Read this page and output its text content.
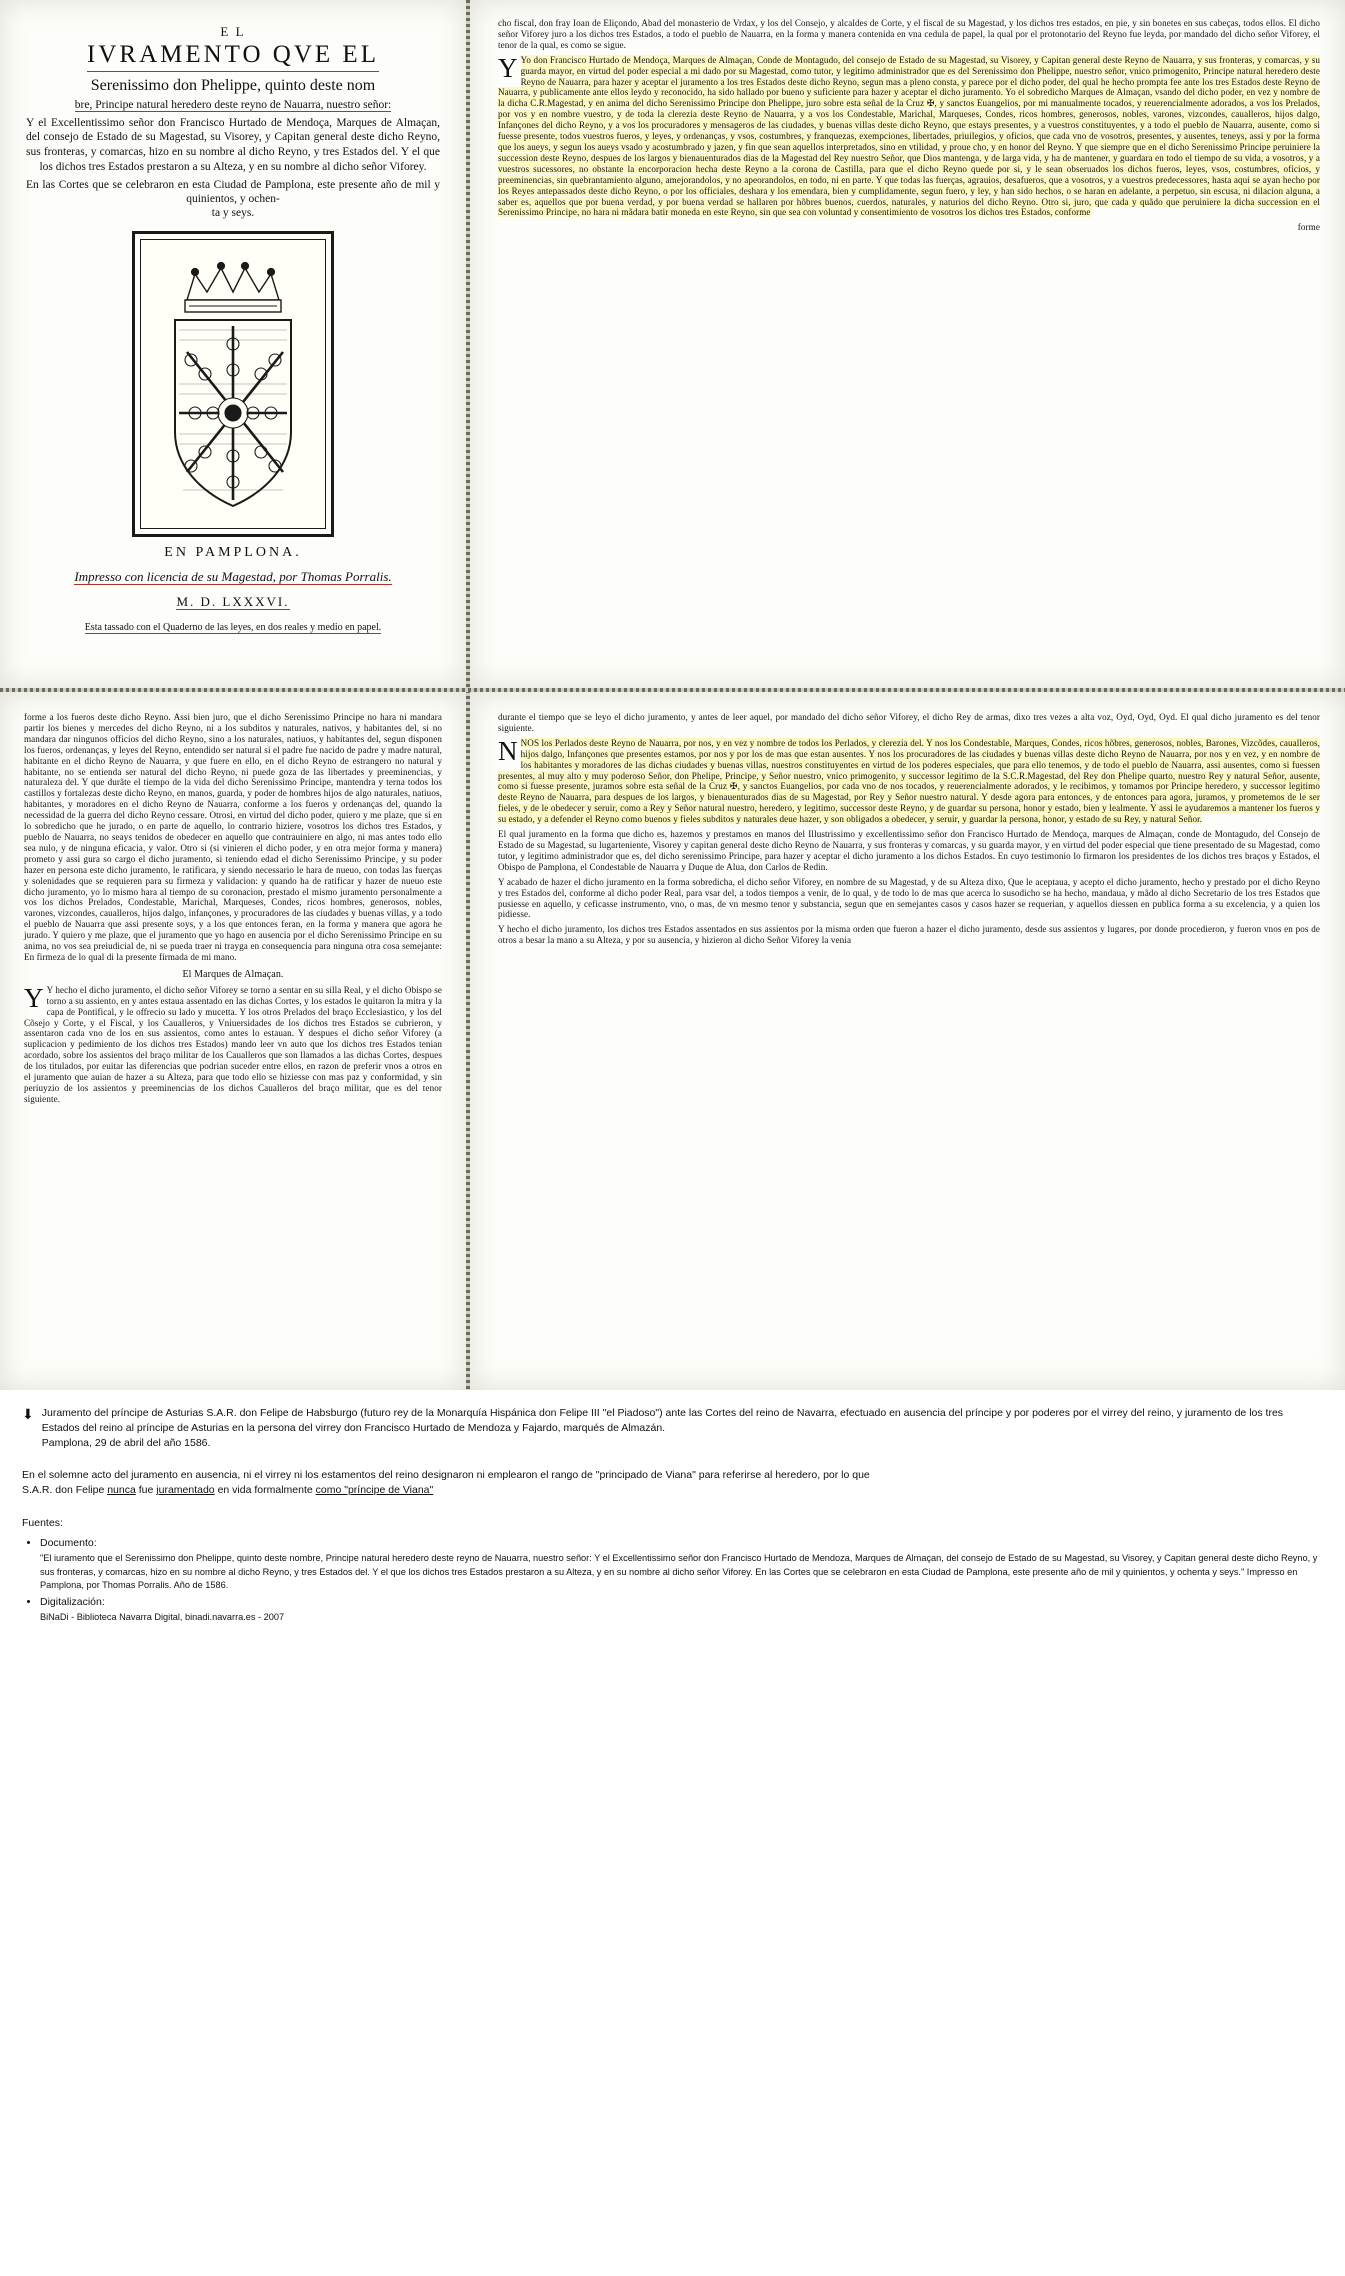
E L
IVRAMENTO QVE EL
Serenissimo don Phelippe, quinto deste nom
bre, Principe natural heredero deste reyno de Nauarra, nuestro señor:
Y el Excellentissimo señor don Francisco Hurtado de Mendoça, Marques de Almaçan, del consejo de Estado de su Magestad, su Visorey, y Capitan general deste dicho Reyno, sus fronteras, y comarcas, hizo en su nombre al dicho Reyno, y tres Estados del. Y el que los dichos tres Estados prestaron a su Alteza, y en su nombre al dicho señor Viforey.
En las Cortes que se celebraron en esta Ciudad de Pamplona, este presente año de mil y quinientos, y ochen-
ta y seys.
EN PAMPLONA.
Impresso con licencia de su Magestad, por Thomas Porralis.
M. D. LXXXVI.
Esta tassado con el Quaderno de las leyes, en dos reales y medio en papel.

cho fiscal, don fray Ioan de Eliçondo, Abad del monasterio de Vrdax, y los del Consejo, y alcaldes de Corte, y el fiscal de su Magestad, y los dichos tres estados, en pie, y sin bonetes en sus cabeças, todos ellos. El dicho señor Viforey juro a los dichos tres Estados, a todo el pueblo de Nauarra, en la forma y manera contenida en vna cedula de papel, la qual por el protonotario del Reyno fue leyda, por mandado del dicho señor Viforey, el tenor de la qual, es como se sigue.

Y Yo don Francisco Hurtado de Mendoça, Marques de Almaçan, Conde de Montagudo, del consejo de Estado de su Magestad, su Visorey, y Capitan general deste Reyno de Nauarra, y sus fronteras, y comarcas, y su guarda mayor, en virtud del poder especial a mi dado por su Magestad, como tutor, y legitimo administrador que es del Serenissimo don Phelippe, nuestro señor, vnico primogenito, Principe natural heredero deste Reyno de Nauarra, para hazer y aceptar el juramento a los tres Estados deste dicho Reyno, segun mas a pleno consta, y parece por el dicho poder, del qual he hecho prompta fee ante los tres Estados deste Reyno de Nauarra, y publicamente ante ellos leydo y reconocido, ha sido hallado por bueno y suficiente para hazer y aceptar el dicho juramento. Yo el sobredicho Marques de Almaçan, vsando del dicho poder, en vez y nombre de la dicha C.R.Magestad, y en anima del dicho Serenissimo Principe don Phelippe, juro sobre esta señal de la Cruz ✠, y sanctos Euangelios, por mi manualmente tocados, y reuerencialmente adorados, a vos los Prelados, por vos y en nombre vuestro, y de toda la clerezia deste Reyno de Nauarra, y a vos los Condestable, Marichal, Marqueses, Condes, ricos hombres, generosos, nobles, varones, vizcondes, caualleros, hijos dalgo, Infançones del dicho Reyno, y a vos los procuradores y mensageros de las ciudades, y buenas villas deste dicho Reyno, que estays presentes, y a vuestros constituyentes, y a todo el pueblo de Nauarra, ausente, como si fuesse presente, todos vuestros fueros, y leyes, y ordenanças, y vsos, costumbres, y franquezas, exempciones, libertades, priuilegios, y oficios, que cada vno de vosotros, presentes, y ausentes, teneys, assi y por la forma que los aueys, y segun los aueys vsado y acostumbrado y jazen, y fin que sean aquellos interpretados, sino en vtilidad, y proue cho, y en honor del Reyno. Y que siempre que en el dicho Serenissimo Principe peruiniere la succession deste Reyno, despues de los largos y bienauenturados dias de la Magestad del Rey nuestro Señor, que Dios mantenga, y de larga vida, y ha de mantener, y guardara en todo el tiempo de su vida, a vosotros, y a vuestros sucessores, no obstante la encorporacion hecha deste Reyno a la corona de Castilla, para que el dicho Reyno quede por si, y le sean obseruados los dichos fueros, leyes, vsos, costumbres, oficios, y preeminencias, sin quebrantamiento alguno, amejorandolos, y no apeorandolos, en todo, ni en parte. Y que todas las fuerças, agrauios, desafueros, que a vosotros, y a vuestros predecessores, hasta aqui se ayan hecho por los Reyes antepassados deste dicho Reyno, o por los officiales, deshara y los emendara, bien y cumplidamente, segun fuero, y ley, y han sido hechos, o se haran en adelante, a perpetuo, sin escusa, ni dilacion alguna, a saber es, aquellos que por buena verdad, y por buena verdad se hallaren por hõbres buenos, cuerdos, naturales, y naturios del dicho Reyno. Otro si, juro, que cada y quãdo que peruiniere la dicha succession en el Serenissimo Principe, no hara ni mãdara batir moneda en este Reyno, sin que sea con voluntad y consentimiento de vosotros los dichos tres Estados, conforme

forme

forme a los fueros deste dicho Reyno. Assi bien juro, que el dicho Serenissimo Principe no hara ni mandara partir los bienes y mercedes del dicho Reyno, ni a los subditos y naturales, nativos, y habitantes del, si no mandara dar ningunos officios del dicho Reyno, sino a los naturales, natiuos, y habitantes del, segun disponen los fueros, ordenanças, y leyes del Reyno, entendido ser natural si el padre fue nacido de padre y madre natural, habitante en el dicho Reyno de Nauarra, y que fuere en ello, en el dicho Reyno de estrangero no natural y habitante, no se entienda ser natural del dicho Reyno, ni puede goza de las libertades y preeminencias, y naturaleza del. Y que durãte el tiempo de la vida del dicho Serenissimo Principe, mantendra y terna todos los castillos y fortalezas deste dicho Reyno, en manos, guarda, y poder de hombres hijos de algo naturales, natiuos, habitantes, y moradores en el dicho Reyno de Nauarra, conforme a los fueros y ordenanças del, quando la necessidad de la guerra del dicho Reyno cessare. Otrosi, en virtud del dicho poder, quiero y me plaze, que si en lo sobredicho que he jurado, o en parte de aquello, lo contrario hiziere, vosotros los dichos tres Estados, y pueblo de Nauarra, no seays tenidos de obedecer en aquello que contrauiniere en algo, ni mas antes todo ello sea nulo, y de ninguna eficacia, y valor. Otro si (si vinieren el dicho poder, y en otra mejor forma y manera) prometo y assi gura so cargo el dicho juramento, si teniendo edad el dicho Serenissimo Principe, y su poder hazer en persona este dicho juramento, le ratificara, y siendo necessario le hara de nueuo, con todas las fuerças y solenidades que se requieren para su firmeza y validacion: y quando ha de ratificar y hazer de nueuo este dicho juramento, yo lo mismo hara al tiempo de su coronacion, prestado el mismo juramento personalmente a vos los dichos Prelados, Condestable, Marichal, Marqueses, Condes, ricos hombres, generosos, nobles, varones, vizcondes, caualleros, hijos dalgo, infançones, y procuradores de las ciudades y buenas villas, y a todo el pueblo de Nauarra que assi presente soys, y a los que entonces feran, en la forma y manera que agora he jurado. Y quiero y me plaze, que el juramento que yo hago en ausencia por el dicho Serenissimo Principe en su anima, no vos sea preiudicial de, ni se pueda traer ni trayga en consequencia para ninguna otra cosa semejante: En firmeza de lo qual di la presente firmada de mi mano.

El Marques de Almaçan.

Y Y hecho el dicho juramento, el dicho señor Viforey se torno a sentar en su silla Real, y el dicho Obispo se torno a su assiento, en y antes estaua assentado en las dichas Cortes, y los estados le quitaron la mitra y la capa de Pontifical, y le offrecio su lado y mucetta. Y los otros Prelados del braço Ecclesiastico, y los del Cõsejo y Corte, y el Fiscal, y los Caualleros, y Vniuersidades de los dichos tres Estados se cubrieron, y assentaron cada vno de los en sus assientos, como antes lo estauan. Y despues el dicho señor Viforey (a suplicacion y pedimiento de los dichos tres Estados) mando leer vn auto que los dichos tres Estados tenian acordado, sobre los assientos del braço militar de los Caualleros que son llamados a las dichas Cortes, despues de los titulados, por euitar las diferencias que podrian suceder entre ellos, en razon de preferir vnos a otros en el juramento que auian de hazer a su Alteza, para que todo ello se hiziesse con mas paz y conformidad, y sin periuyzio de los assientos y preeminencias de los dichos Caualleros del braço militar, que es del tenor siguiente.

durante el tiempo que se leyo el dicho juramento, y antes de leer aquel, por mandado del dicho señor Viforey, el dicho Rey de armas, dixo tres vezes a alta voz, Oyd, Oyd, Oyd. El qual dicho juramento es del tenor siguiente.

NNOS los Perlados deste Reyno de Nauarra, por nos, y en vez y nombre de todos los Perlados, y clerezia del. Y nos los Condestable, Marques, Condes, ricos hõbres, generosos, nobles, Barones, Vizcõdes, caualleros, hijos dalgo, Infançones que presentes estamos, por nos y por los de mas que estan ausentes. Y nos los procuradores de las ciudades y buenas villas deste dicho Reyno de Nauarra, por nos y en vez, y en nombre de los habitantes y moradores de las dichas ciudades y buenas villas, nuestros constituyentes en virtud de los poderes especiales, que para ello tenemos, y de todo el pueblo de Nauarra, assi ausentes, como si fuessen presentes, al muy alto y muy poderoso Señor, don Phelipe, Principe, y Señor nuestro, vnico primogenito, y successor legitimo de la S.C.R.Magestad, del Rey don Phelipe quarto, nuestro Rey y natural Señor, ausente, como si fuesse presente, juramos sobre esta señal de la Cruz ✠, y sanctos Euangelios, por cada vno de nos tocados, y reuerencialmente adorados, y le recibimos, y tomamos por Principe heredero, y successor legitimo deste Reyno de Nauarra, para despues de los largos, y bienauenturados dias de su Magestad, por Rey y Señor nuestro natural. Y desde agora para entonces, y de entonces para agora, juramos, y prometemos de le ser fieles, y de le obedecer y seruir, como a Rey y Señor natural nuestro, heredero, y legitimo, successor deste Reyno, y de guardar su persona, honor y estado, bien y lealmente. Y assi le ayudaremos a mantener los fueros y su estado, y a defender el Reyno como buenos y fieles subditos y naturales deue hazer, y son obligados a obedecer, y seruir, y guardar la persona, honor, y estado de su Rey, y natural Señor.

El qual juramento en la forma que dicho es, hazemos y prestamos en manos del Illustrissimo y excellentissimo señor don Francisco Hurtado de Mendoça, marques de Almaçan, conde de Montagudo, del Consejo de Estado de su Magestad, su lugarteniente, Visorey y capitan general deste dicho Reyno de Nauarra, y sus fronteras y comarcas, y su guarda mayor, y en virtud del poder especial que tiene presentado de su Magestad, como tutor, y legitimo administrador que es, del dicho serenissimo Principe, para hazer y aceptar el dicho juramento a los dichos Estados. En cuyo testimonio lo firmaron los presidentes de los dichos tres braços y Estados, el Obispo de Pamplona, el Condestable de Nauarra y Duque de Alua, don Carlos de Redin.

Y acabado de hazer el dicho juramento en la forma sobredicha, el dicho señor Viforey, en nombre de su Magestad, y de su Alteza dixo, Que le aceptaua, y acepto el dicho juramento, hecho y prestado por el dicho Reyno y tres Estados del, conforme al dicho poder Real, para vsar del, a todos tiempos a venir, de lo qual, y de todo lo de mas que acerca lo susodicho se ha hecho, mandaua, y mãdo al dicho Secretario de los tres Estados que pusiesse en aquello, y ceficasse instrumento, vno, o mas, de vn mesmo tenor y substancia, segun que en semejantes casos y casos hazer se requerian, y aquellos diessen en publica forma a su excelencia, y a quien los pidiesse.

Y hecho el dicho juramento, los dichos tres Estados assentados en sus assientos por la misma orden que fueron a hazer el dicho juramento, desde sus assientos y lugares, por donde procedieron, y fueron vnos en pos de otros a besar la mano a su Alteza, y por su ausencia, y hizieron al dicho Señor Viforey la venia

⬇ Juramento del príncipe de Asturias S.A.R. don Felipe de Habsburgo (futuro rey de la Monarquía Hispánica don Felipe III "el Piadoso") ante las Cortes del reino de Navarra, efectuado en ausencia del príncipe y por poderes por el virrey del reino, y juramento de los tres Estados del reino al príncipe de Asturias en la persona del virrey don Francisco Hurtado de Mendoza y Fajardo, marqués de Almazán.
Pamplona, 29 de abril del año 1586.
En el solemne acto del juramento en ausencia, ni el virrey ni los estamentos del reino designaron ni emplearon el rango de "principado de Viana" para referirse al heredero, por lo que
S.A.R. don Felipe nunca fue juramentado en vida formalmente como "príncipe de Viana"
Fuentes:
• Documento:
"El iuramento que el Serenissimo don Phelippe, quinto deste nombre, Principe natural heredero deste reyno de Nauarra, nuestro señor: Y el Excellentissimo señor don Francisco Hurtado de Mendoza, Marques de Almaçan, del consejo de Estado de su Magestad, su Visorey, y Capitan general deste dicho Reyno, y sus fronteras, y comarcas, hizo en su nombre al dicho Reyno, y tres Estados del. Y el que los dichos tres Estados prestaron a su Alteza, y en su nombre al dicho señor Viforey. En las Cortes que se celebraron en esta Ciudad de Pamplona, este presente año de mil y quinientos, y ochenta y seys." Impresso en Pamplona, por Thomas Porralis. Año de 1586.
• Digitalización:
BiNaDi - Biblioteca Navarra Digital, binadi.navarra.es - 2007
